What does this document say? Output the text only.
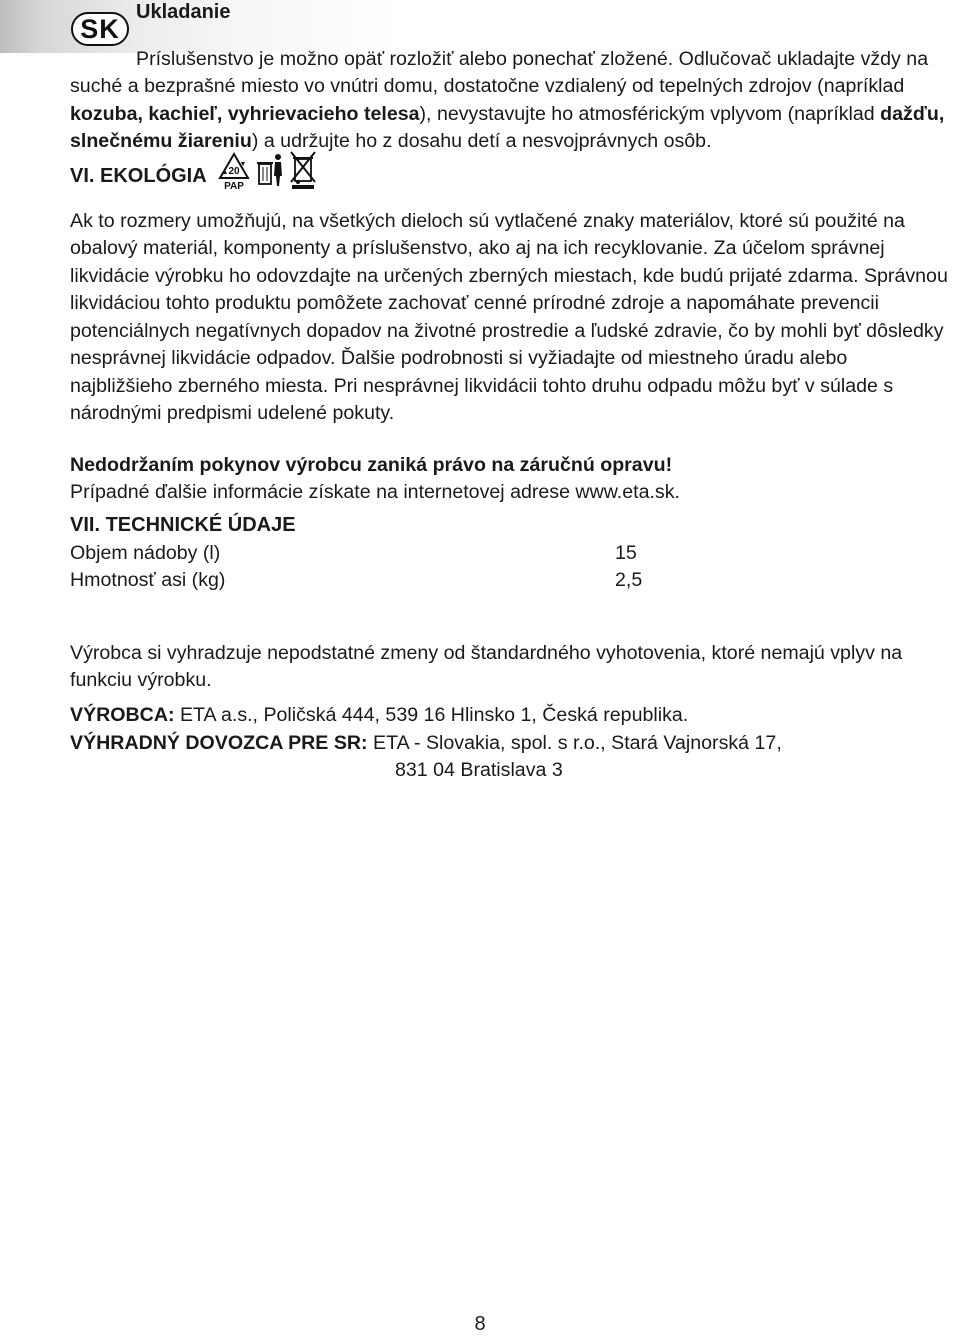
SK
Ukladanie

Príslušenstvo je možno opäť rozložiť alebo ponechať zložené. Odlučovač ukladajte vždy na suché a bezprašné miesto vo vnútri domu, dostatočne vzdialený od tepelných zdrojov (napríklad kozuba, kachieľ, vyhrievacieho telesa), nevystavujte ho atmosférickým vplyvom (napríklad dažďu, slnečnému žiareniu) a udržujte ho z dosahu detí a nesvojprávnych osôb.

VI. EKOLÓGIA 20
PAP

Ak to rozmery umožňujú, na všetkých dieloch sú vytlačené znaky materiálov, ktoré sú použité na obalový materiál, komponenty a príslušenstvo, ako aj na ich recyklovanie. Za účelom správnej likvidácie výrobku ho odovzdajte na určených zberných miestach, kde budú prijaté zdarma. Správnou likvidáciou tohto produktu pomôžete zachovať cenné prírodné zdroje a napomáhate prevencii potenciálnych negatívnych dopadov na životné prostredie a ľudské zdravie, čo by mohli byť dôsledky nesprávnej likvidácie odpadov. Ďalšie podrobnosti si vyžiadajte od miestneho úradu alebo najbližšieho zberného miesta. Pri nesprávnej likvidácii tohto druhu odpadu môžu byť v súlade s národnými predpismi udelené pokuty.

Nedodržaním pokynov výrobcu zaniká právo na záručnú opravu!
Prípadné ďalšie informácie získate na internetovej adrese www.eta.sk.

VII. TECHNICKÉ ÚDAJE
Objem nádoby (l)	15
Hmotnosť asi (kg)	2,5

Výrobca si vyhradzuje nepodstatné zmeny od štandardného vyhotovenia, ktoré nemajú vplyv na funkciu výrobku.

VÝROBCA: ETA a.s., Poličská 444, 539 16 Hlinsko 1, Česká republika.
VÝHRADNÝ DOVOZCA PRE SR: ETA - Slovakia, spol. s r.o., Stará Vajnorská 17,
831 04 Bratislava 3
8
